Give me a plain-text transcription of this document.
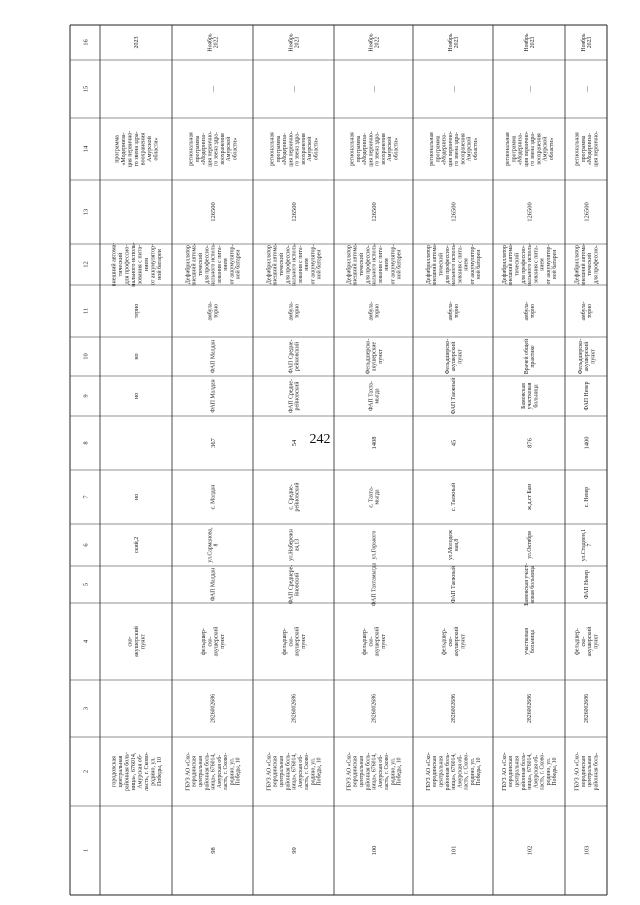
242
1
2
3
4
5
6
7
8
9
10
11
12
13
14
15
16
городовская центральная районная боль- ница», 676014, Амурская об- ласть, г. Сково- родино, ул. Победы, 10
ско- акушерский пункт
ский,2
но
но
но
терно
внешний автома- тический для профессио- нального исполь- зования с пита- нием от аккумулятор- ной батареи
программа «Модерниза- ция первично- го звена здра- воохранения Амурской области»
2023
98
ГБУЗ АО «Ско- вородинская центральная районная боль- ница», 676014, Амурская об- ласть, г. Сково- родино, ул. Победы, 10
2826002686
фельдшер- ско- акушерский пункт
ФАП Малдан
ул.Сарманова, 8
с. Малдан
367
ФАП Малдан
ФАП Малдан
амбула- торно
Дефибриллятор внешний автома- тический для профессио- нального исполь- зования с пита- нием от аккумулятор- ной батареи
126500
региональная программа «Модерниза- ция первично- го звена здра- воохранения Амурской области»
—
Ноябрь 2022
99
ГБУЗ АО «Ско- вородинская центральная районная боль- ница», 676014, Амурская об- ласть, г. Сково- родино, ул. Победы, 10
2826002686
фельдшер- ско- акушерский пункт
ФАП Среднере- йновский
ул.Набережн ая,13
с. Средне- рейновский
54
ФАП Средне- рейновский
ФАП Средне- рейновский
амбула- торно
Дефибриллятор внешний автома- тический для профессио- нального исполь- зования с пита- нием от аккумулятор- ной батареи
126500
региональная программа «Модерниза- ция первично- го звена здра- воохранения Амурской области»
—
Ноябрь 2023
100
ГБУЗ АО «Ско- вородинская центральная районная боль- ница», 676014, Амурская об- ласть, г. Сково- родино, ул. Победы, 10
2826002686
фельдшер- ско- акушерский пункт
ФАП Тахтамыгда
ул.Горького
с. Тахта- мыгда
1408
ФАП Тахта- мыгда
Фельдшерско- акушерские пункт
амбула- торно
Дефибриллятор внешний автома- тический для профессио- нального исполь- зования с пита- нием от аккумулятор- ной батареи
126500
региональная программа «Модерниза- ция первично- го звена здра- воохранения Амурской области»
—
Ноябрь 2022
101
ГБУЗ АО «Ско- вородинская центральная районная боль- ница», 676014, Амурская об- ласть, г. Сково- родино, ул. Победы, 10
2826002686
фельдшер- ско- акушерский пункт
ФАП Таежный
ул.Молодеж ная,8
с. Таежный
45
ФАП Таежный
Фельдшерско- акушерский пункт
амбула- торно
Дефибриллятор внешний автома- тический для профессио- нального исполь- зования с пита- нием от аккумулятор- ной батареи
126500
региональная программа «Модерниза- ция первично- го звена здра- воохранения Амурской области»
—
Ноябрь 2023
102
ГБУЗ АО «Ско- вородинская центральная районная боль- ница», 676014, Амурская об- ласть, г. Сково- родино, ул. Победы, 10
2826002686
участковая больница
Бамовская участ- ковая больница
ул.Октября
ж.д.ст Бам
876
Бамовская участковая больница
Врачей общей практике
амбула- торно
Дефибриллятор внешний автома- тический для профессио- нального исполь- зования с пита- нием от аккумулятор- ной батареи
126500
региональная программа «Модерниза- ция первично- го звена здра- воохранения Амурской области»
—
Ноябрь 2023
103
ГБУЗ АО «Ско- вородинская центральная районная боль-
2826002686
фельдшер- ско- акушерский пункт
ФАП Невер
ул.Стадион,1 7
с. Невер
1400
ФАП Невер
Фельдшерско- акушерский пункт
амбула- торно
Дефибриллятор внешний автома- тический для профессио-
126500
региональная программа «Модерниза- ция первично-
—
Ноябрь 2023
